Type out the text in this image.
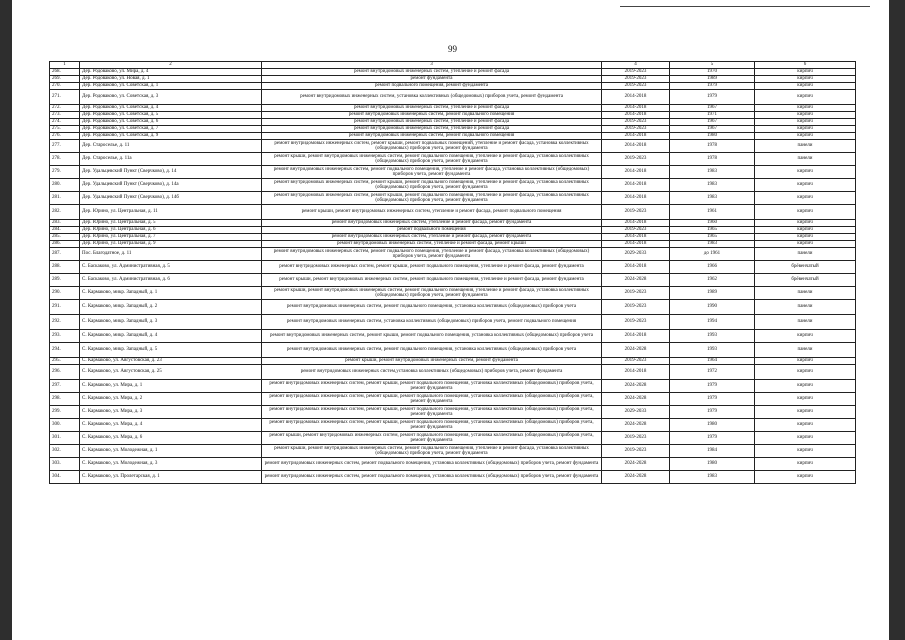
99
1	2	3	4	5	6
268.	Дер. Родоваково, ул. Мира, д. 4	ремонт внутридомовых инженерных систем, утепление и ремонт фасада	2019-2023	1970	кирпич
269.	Дер. Родоваково, ул. Новая, д. 1	ремонт фундамента	2019-2023	1989	кирпич
270.	Дер. Родоваково, ул. Советская, д. 1	ремонт подвального помещения, ремонт фундамента	2019-2023	1979	кирпич
271.	Дер. Родоваково, ул. Советская, д. 3	ремонт внутридомовых инженерных систем, установка коллективных (общедомовых) приборов учета, ремонт фундамента	2014-2018	1979	кирпич
272.	Дер. Родоваково, ул. Советская, д. 4	ремонт внутридомовых инженерных систем, утепление и ремонт фасада	2014-2018	1967	кирпич
273.	Дер. Родоваково, ул. Советская, д. 5	ремонт внутридомовых инженерных систем, ремонт подвального помещения	2014-2018	1971	кирпич
274.	Дер. Родоваково, ул. Советская, д. 6	ремонт внутридомовых инженерных систем, утепление и ремонт фасада	2019-2023	1967	кирпич
275.	Дер. Родоваково, ул. Советская, д. 7	ремонт внутридомовых инженерных систем, утепление и ремонт фасада	2019-2023	1967	кирпич
276.	Дер. Родоваково, ул. Советская, д. 9	ремонт внутридомовых инженерных систем, ремонт подвального помещения	2014-2018	1980	кирпич
277.	Дер. Староселье, д. 11	ремонт внутридомовых инженерных систем, ремонт крыши, ремонт подвальных помещений, утепление и ремонт фасада, установка коллективных (общедомовых) приборов учета, ремонт фундамента	2014-2018	1978	панели
278.	Дер. Староселье, д. 11а	ремонт крыши, ремонт внутридомовых инженерных систем, ремонт подвального помещения, утепление и ремонт фасада, установка коллективных (общедомовых) приборов учета, ремонт фундамента	2019-2023	1978	панели
279.	Дер. Удальцевский Пункт (Сверчково), д. 14	ремонт внутридомовых инженерных систем, ремонт подвального помещения, утепление и ремонт фасада, установка коллективных (общедомовых) приборов учета, ремонт фундамента	2014-2018	1983	кирпич
280.	Дер. Удальцевский Пункт (Сверчково), д. 14а	ремонт внутридомовых инженерных систем, ремонт крыши, ремонт подвального помещения, утепление и ремонт фасада, установка коллективных (общедомовых) приборов учета, ремонт фундамента	2014-2018	1983	кирпич
281.	Дер. Удальцевский Пункт (Сверчково), д. 14б	ремонт внутридомовых инженерных систем, ремонт крыши, ремонт подвального помещения, утепление и ремонт фасада, установка коллективных (общедомовых) приборов учета, ремонт фундамента	2014-2018	1983	кирпич
282.	Дер. Юрино, ул. Центральная, д. 11	ремонт крыши, ремонт внутридомовых инженерных систем, утепление и ремонт фасада, ремонт подвального помещения	2019-2023	1961	кирпич
283.	Дер. Юрино, ул. Центральная, д. 5	ремонт внутридомовых инженерных систем, утепление и ремонт фасада, ремонт фундамента	2014-2018	1960	кирпич
284.	Дер. Юрино, ул. Центральная, д. 6	ремонт подвального помещения	2019-2023	1965	кирпич
285.	Дер. Юрино, ул. Центральная, д. 7	ремонт внутридомовых инженерных систем, утепление и ремонт фасада, ремонт фундамента	2014-2018	1965	кирпич
286.	Дер. Юрино, ул. Центральная, д. 9	ремонт внутридомовых инженерных систем, утепление и ремонт фасада, ремонт крыши	2014-2018	1983	кирпич
287.	Пос. Благодатное, д. 11	ремонт внутридомовых инженерных систем, ремонт подвального помещения, утепление и ремонт фасада, установка коллективных (общедомовых) приборов учета, ремонт фундамента	2029-2033	до 1961	панели
288.	С. Баскаково, ул. Административная, д. 5	ремонт внутридомовых инженерных систем, ремонт крыши, ремонт подвального помещения, утепление и ремонт фасада, ремонт фундамента	2014-2018	1966	брёвенчатый
289.	С. Баскаково, ул. Административная, д. 6	ремонт крыши, ремонт внутридомовых инженерных систем, ремонт подвального помещения, утепление и ремонт фасада, ремонт фундамента	2024-2028	1962	брёвенчатый
290.	С. Кармаково, микр. Западный, д. 1	ремонт крыши, ремонт внутридомовых инженерных систем, ремонт подвального помещения, утепление и ремонт фасада, установка коллективных (общедомовых) приборов учета, ремонт фундамента	2019-2023	1989	панели
291.	С. Кармаково, микр. Западный, д. 2	ремонт внутридомовых инженерных систем, ремонт подвального помещения, установка коллективных (общедомовых) приборов учета	2019-2023	1990	панели
292.	С. Кармаково, микр. Западный, д. 3	ремонт внутридомовых инженерных систем, установка коллективных (общедомовых) приборов учета, ремонт подвального помещения	2019-2023	1994	панели
293.	С. Кармаково, микр. Западный, д. 4	ремонт внутридомовых инженерных систем, ремонт крыши, ремонт подвального помещения, установка коллективных (общедомовых) приборов учета	2014-2018	1993	кирпич
294.	С. Кармаково, микр. Западный, д. 5	ремонт внутридомовых инженерных систем, ремонт подвального помещения, установка коллективных (общедомовых) приборов учета	2024-2028	1993	панели
295.	С. Кармаково, ул. Августовская, д. 23	ремонт крыши, ремонт внутридомовых инженерных систем, ремонт фундамента	2019-2023	1964	кирпич
296.	С. Кармаково, ул. Августовская, д. 25	ремонт внутридомовых инженерных систем,установка коллективных (общедомовых) приборов учета, ремонт фундамента	2014-2018	1972	кирпич
297.	С. Кармаково, ул. Мира, д. 1	ремонт внутридомовых инженерных систем, ремонт крыши, ремонт подвального помещения, установка коллективных (общедомовых) приборов учета, ремонт фундамента	2024-2028	1979	кирпич
298.	С. Кармаково, ул. Мира, д. 2	ремонт внутридомовых инженерных систем, ремонт крыши, ремонт подвального помещения, установка коллективных (общедомовых) приборов учета, ремонт фундамента	2024-2028	1979	кирпич
299.	С. Кармаково, ул. Мира, д. 3	ремонт внутридомовых инженерных систем, ремонт крыши, ремонт подвального помещения, установка коллективных (общедомовых) приборов учета, ремонт фундамента	2029-2033	1979	кирпич
300.	С. Кармаково, ул. Мира, д. 4	ремонт внутридомовых инженерных систем, ремонт крыши, ремонт подвального помещения, установка коллективных (общедомовых) приборов учета, ремонт фундамента	2024-2028	1980	кирпич
301.	С. Кармаково, ул. Мира, д. 6	ремонт крыши, ремонт внутридомовых инженерных систем, ремонт подвального помещения, установка коллективных (общедомовых) приборов учета, ремонт фундамента	2019-2023	1979	кирпич
302.	С. Кармаково, ул. Молодежная, д. 1	ремонт крыши, ремонт внутридомовых инженерных систем, ремонт подвального помещения, утепление и ремонт фасада, установка коллективных (общедомовых) приборов учета, ремонт фундамента	2019-2023	1984	кирпич
303.	С. Кармаково, ул. Молодежная, д. 3	ремонт внутридомовых инженерных систем, ремонт подвального помещения, установка коллективных (общедомовых) приборов учета, ремонт фундамента	2024-2028	1980	кирпич
304.	С. Кармаково, ул. Пролетарская, д. 1	ремонт внутридомовых инженерных систем, ремонт подвального помещения, установка коллективных (общедомовых) приборов учета, ремонт фундамента	2024-2028	1983	кирпич
